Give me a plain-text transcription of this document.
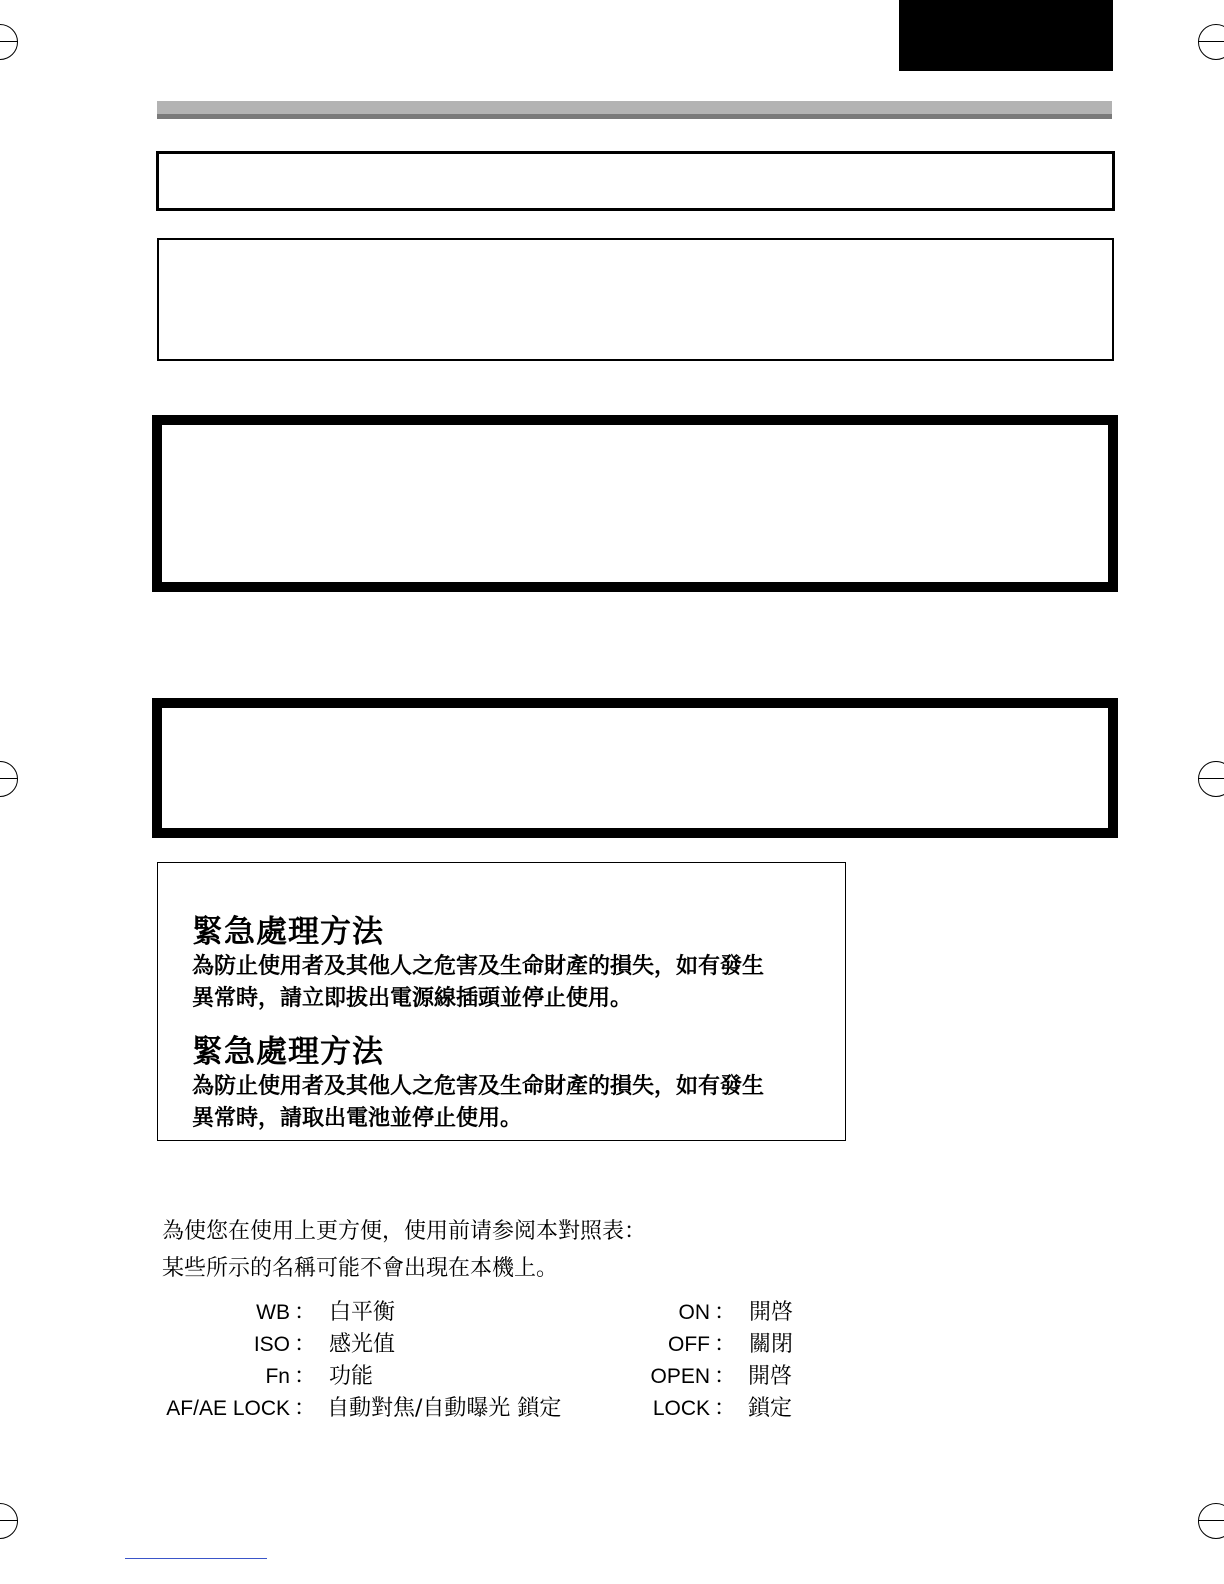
緊急處理方法
為防止使用者及其他人之危害及生命財產的損失，如有發生
異常時，請立即拔出電源線插頭並停止使用。
緊急處理方法
為防止使用者及其他人之危害及生命財產的損失，如有發生
異常時，請取出電池並停止使用。
為使您在使用上更方便，使用前请参阅本對照表：
某些所示的名稱可能不會出現在本機上。
WB ： 白平衡
ISO ： 感光值
Fn ： 功能
AF/AE LOCK ： 自動對焦/自動曝光 鎖定
ON ： 開啓
OFF ： 關閉
OPEN ： 開啓
LOCK ： 鎖定
